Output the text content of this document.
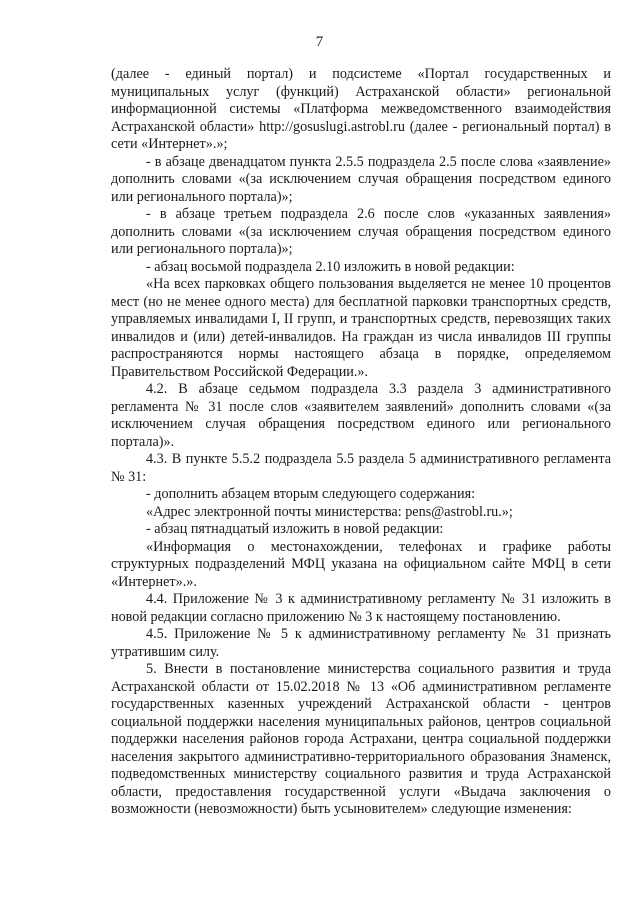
7

(далее - единый портал) и подсистеме «Портал государственных и муниципальных услуг (функций) Астраханской области» региональной информационной системы «Платформа межведомственного взаимодействия Астраханской области» http://gosuslugi.astrobl.ru (далее - региональный портал) в сети «Интернет».»;

- в абзаце двенадцатом пункта 2.5.5 подраздела 2.5 после слова «заявление» дополнить словами «(за исключением случая обращения посредством единого или регионального портала)»;

- в абзаце третьем подраздела 2.6 после слов «указанных заявления» дополнить словами «(за исключением случая обращения посредством единого или регионального портала)»;

- абзац восьмой подраздела 2.10 изложить в новой редакции:

«На всех парковках общего пользования выделяется не менее 10 процентов мест (но не менее одного места) для бесплатной парковки транспортных средств, управляемых инвалидами I, II групп, и транспортных средств, перевозящих таких инвалидов и (или) детей-инвалидов. На граждан из числа инвалидов III группы распространяются нормы настоящего абзаца в порядке, определяемом Правительством Российской Федерации.».

4.2. В абзаце седьмом подраздела 3.3 раздела 3 административного регламента № 31 после слов «заявителем заявлений» дополнить словами «(за исключением случая обращения посредством единого или регионального портала)».

4.3. В пункте 5.5.2 подраздела 5.5 раздела 5 административного регламента № 31:

- дополнить абзацем вторым следующего содержания:

«Адрес электронной почты министерства: pens@astrobl.ru.»;

- абзац пятнадцатый изложить в новой редакции:

«Информация о местонахождении, телефонах и графике работы структурных подразделений МФЦ указана на официальном сайте МФЦ в сети «Интернет».».

4.4. Приложение № 3 к административному регламенту № 31 изложить в новой редакции согласно приложению № 3 к настоящему постановлению.

4.5. Приложение № 5 к административному регламенту № 31 признать утратившим силу.

5. Внести в постановление министерства социального развития и труда Астраханской области от 15.02.2018 № 13 «Об административном регламенте государственных казенных учреждений Астраханской области - центров социальной поддержки населения муниципальных районов, центров социальной поддержки населения районов города Астрахани, центра социальной поддержки населения закрытого административно-территориального образования Знаменск, подведомственных министерству социального развития и труда Астраханской области, предоставления государственной услуги «Выдача заключения о возможности (невозможности) быть усыновителем» следующие изменения:
